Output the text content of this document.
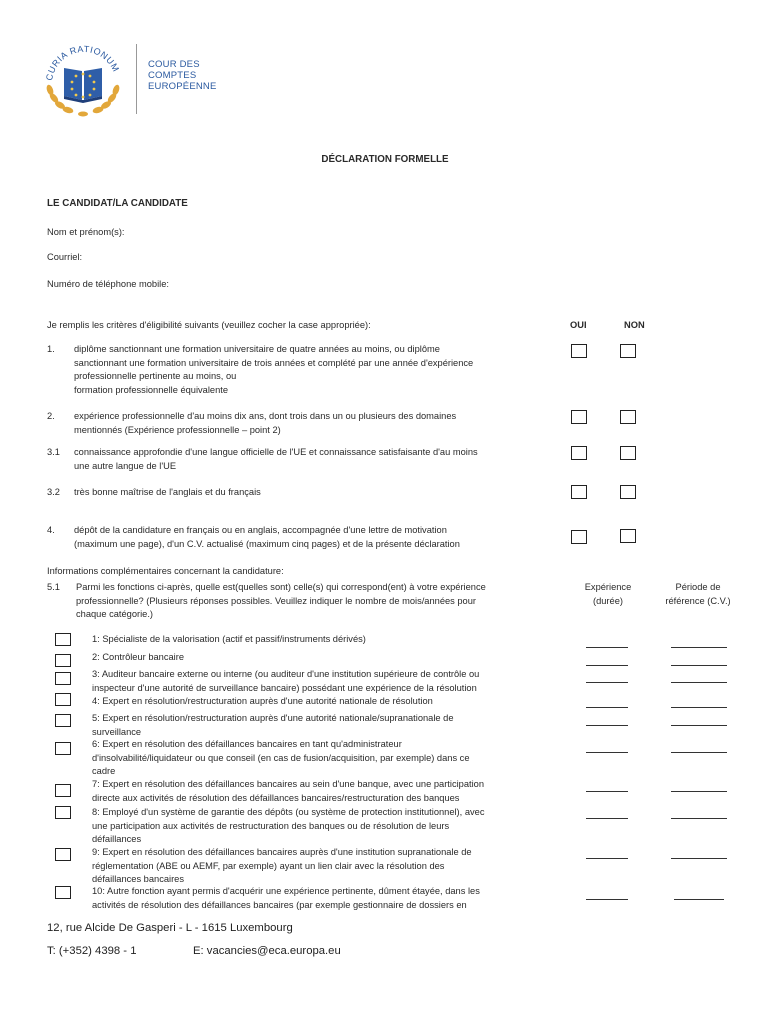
CURIA RATIONUM	COUR DES
COMPTES
EUROPÉENNE
DÉCLARATION FORMELLE
LE CANDIDAT/LA CANDIDATE
Nom et prénom(s):
Courriel:
Numéro de téléphone mobile:
Je remplis les critères d'éligibilité suivants (veuillez cocher la case appropriée):	OUI	NON
1. diplôme sanctionnant une formation universitaire de quatre années au moins, ou diplôme
sanctionnant une formation universitaire de trois années et complété par une année d'expérience
professionnelle pertinente au moins, ou
formation professionnelle équivalente
2. expérience professionnelle d'au moins dix ans, dont trois dans un ou plusieurs des domaines
mentionnés (Expérience professionnelle – point 2)
3.1 connaissance approfondie d'une langue officielle de l'UE et connaissance satisfaisante d'au moins
une autre langue de l'UE
3.2 très bonne maîtrise de l'anglais et du français
4. dépôt de la candidature en français ou en anglais, accompagnée d'une lettre de motivation
(maximum une page), d'un C.V. actualisé (maximum cinq pages) et de la présente déclaration
Informations complémentaires concernant la candidature:
5.1 Parmi les fonctions ci-après, quelle est(quelles sont) celle(s) qui correspond(ent) à votre expérience
professionnelle? (Plusieurs réponses possibles. Veuillez indiquer le nombre de mois/années pour
chaque catégorie.)
Expérience
(durée)
Période de
référence (C.V.)
1: Spécialiste de la valorisation (actif et passif/instruments dérivés)
2: Contrôleur bancaire
3: Auditeur bancaire externe ou interne (ou auditeur d'une institution supérieure de contrôle ou
inspecteur d'une autorité de surveillance bancaire) possédant une expérience de la résolution
4: Expert en résolution/restructuration auprès d'une autorité nationale de résolution
5: Expert en résolution/restructuration auprès d'une autorité nationale/supranationale de
surveillance
6: Expert en résolution des défaillances bancaires en tant qu'administrateur
d'insolvabilité/liquidateur ou que conseil (en cas de fusion/acquisition, par exemple) dans ce
cadre
7: Expert en résolution des défaillances bancaires au sein d'une banque, avec une participation
directe aux activités de résolution des défaillances bancaires/restructuration des banques
8: Employé d'un système de garantie des dépôts (ou système de protection institutionnel), avec
une participation aux activités de restructuration des banques ou de résolution de leurs
défaillances
9: Expert en résolution des défaillances bancaires auprès d'une institution supranationale de
réglementation (ABE ou AEMF, par exemple) ayant un lien clair avec la résolution des
défaillances bancaires
10: Autre fonction ayant permis d'acquérir une expérience pertinente, dûment étayée, dans les
activités de résolution des défaillances bancaires (par exemple gestionnaire de dossiers en
12, rue Alcide De Gasperi - L - 1615 Luxembourg
T: (+352) 4398 - 1	E: vacancies@eca.europa.eu
